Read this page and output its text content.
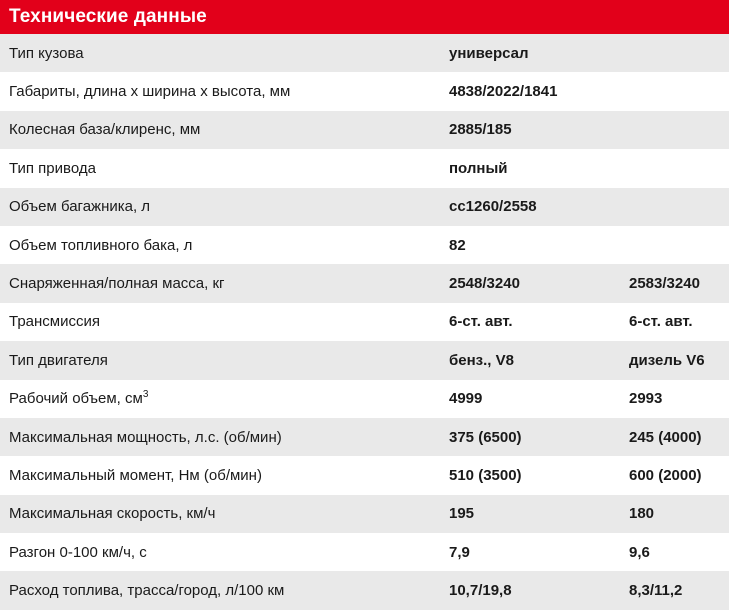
Технические данные
Тип кузова	универсал
Габариты, длина х ширина х высота, мм	4838/2022/1841
Колесная база/клиренс, мм	2885/185
Тип привода	полный
Объем багажника, л	сc1260/2558
Объем топливного бака, л	82
Снаряженная/полная масса, кг	2548/3240	2583/3240
Трансмиссия	6-ст. авт.	6-ст. авт.
Тип двигателя	бенз., V8	дизель V6
Рабочий объем, $см^3$	4999	2993
Максимальная мощность, л.с. (об/мин)	375 (6500)	245 (4000)
Максимальный момент, Нм (об/мин)	510 (3500)	600 (2000)
Максимальная скорость, км/ч	195	180
Разгон 0-100 км/ч, с	7,9	9,6
Расход топлива, трасса/город, л/100 км	10,7/19,8	8,3/11,2
